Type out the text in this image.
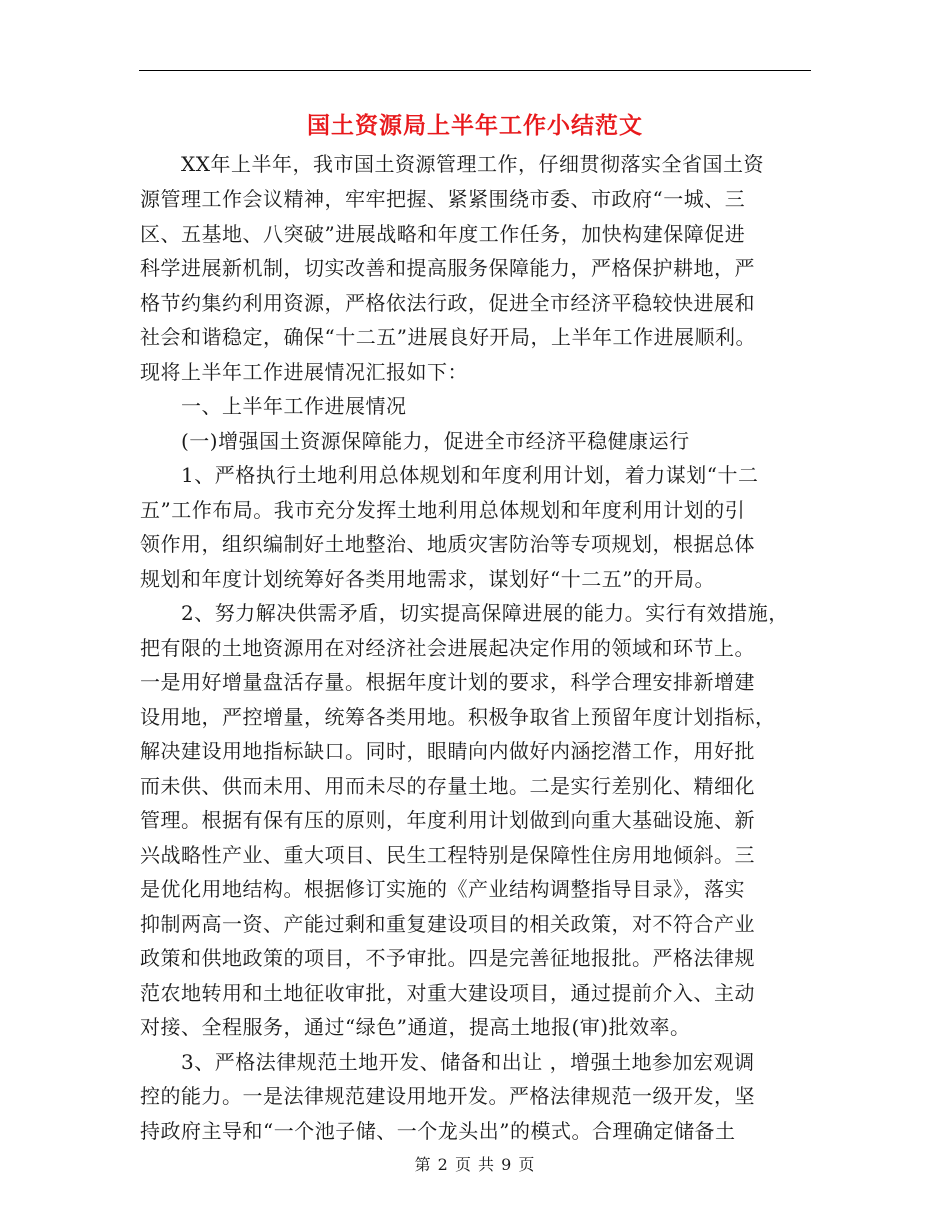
国土资源局上半年工作小结范文
　　XX年上半年，我市国土资源管理工作，仔细贯彻落实全省国土资
源管理工作会议精神，牢牢把握、紧紧围绕市委、市政府“一城、三
区、五基地、八突破”进展战略和年度工作任务，加快构建保障促进
科学进展新机制，切实改善和提高服务保障能力，严格保护耕地，严
格节约集约利用资源，严格依法行政，促进全市经济平稳较快进展和
社会和谐稳定，确保“十二五”进展良好开局，上半年工作进展顺利。
现将上半年工作进展情况汇报如下：
　　一、上半年工作进展情况
　　(一)增强国土资源保障能力，促进全市经济平稳健康运行
　　1、严格执行土地利用总体规划和年度利用计划，着力谋划“十二
五”工作布局。我市充分发挥土地利用总体规划和年度利用计划的引
领作用，组织编制好土地整治、地质灾害防治等专项规划，根据总体
规划和年度计划统筹好各类用地需求，谋划好“十二五”的开局。
　　2、努力解决供需矛盾，切实提高保障进展的能力。实行有效措施，
把有限的土地资源用在对经济社会进展起决定作用的领域和环节上。
一是用好增量盘活存量。根据年度计划的要求，科学合理安排新增建
设用地，严控增量，统筹各类用地。积极争取省上预留年度计划指标，
解决建设用地指标缺口。同时，眼睛向内做好内涵挖潜工作，用好批
而未供、供而未用、用而未尽的存量土地。二是实行差别化、精细化
管理。根据有保有压的原则，年度利用计划做到向重大基础设施、新
兴战略性产业、重大项目、民生工程特别是保障性住房用地倾斜。三
是优化用地结构。根据修订实施的《产业结构调整指导目录》，落实
抑制两高一资、产能过剩和重复建设项目的相关政策，对不符合产业
政策和供地政策的项目，不予审批。四是完善征地报批。严格法律规
范农地转用和土地征收审批，对重大建设项目，通过提前介入、主动
对接、全程服务，通过“绿色”通道，提高土地报(审)批效率。
　　3、严格法律规范土地开发、储备和出让 ，增强土地参加宏观调
控的能力。一是法律规范建设用地开发。严格法律规范一级开发，坚
持政府主导和“一个池子储、一个龙头出”的模式。合理确定储备土
第 2 页 共 9 页
